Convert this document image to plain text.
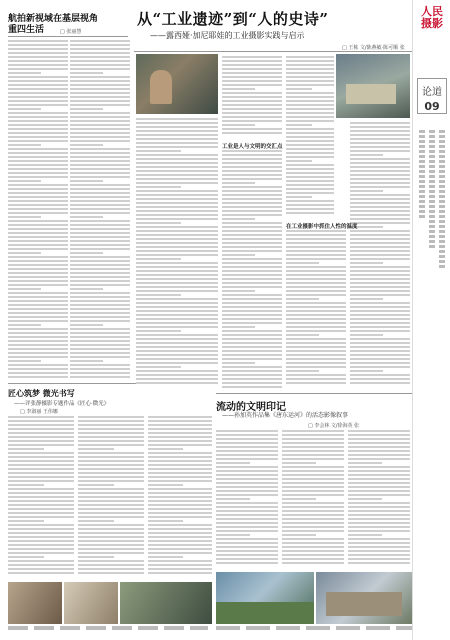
人民
摄影
论道
09
航拍新视域在基层视角重四生活	□ 张丽慧
匠心筑梦 微光书写
——评张静摄影专题作品《匠心·微光》
□ 李淑丽 王伟娜
从“工业遗迹”到“人的史诗”
——露西娅·加尼耶娃的工业摄影实践与启示
□ 王栋 文/陈燕敏·陈可顺 张
工业是人与文明的交汇点
在工业摄影中抓住人性的温度
流动的文明印记
——孙加英作品集《唐东运河》的活态影像叙事
□ 李会林 文/徐海英 张
